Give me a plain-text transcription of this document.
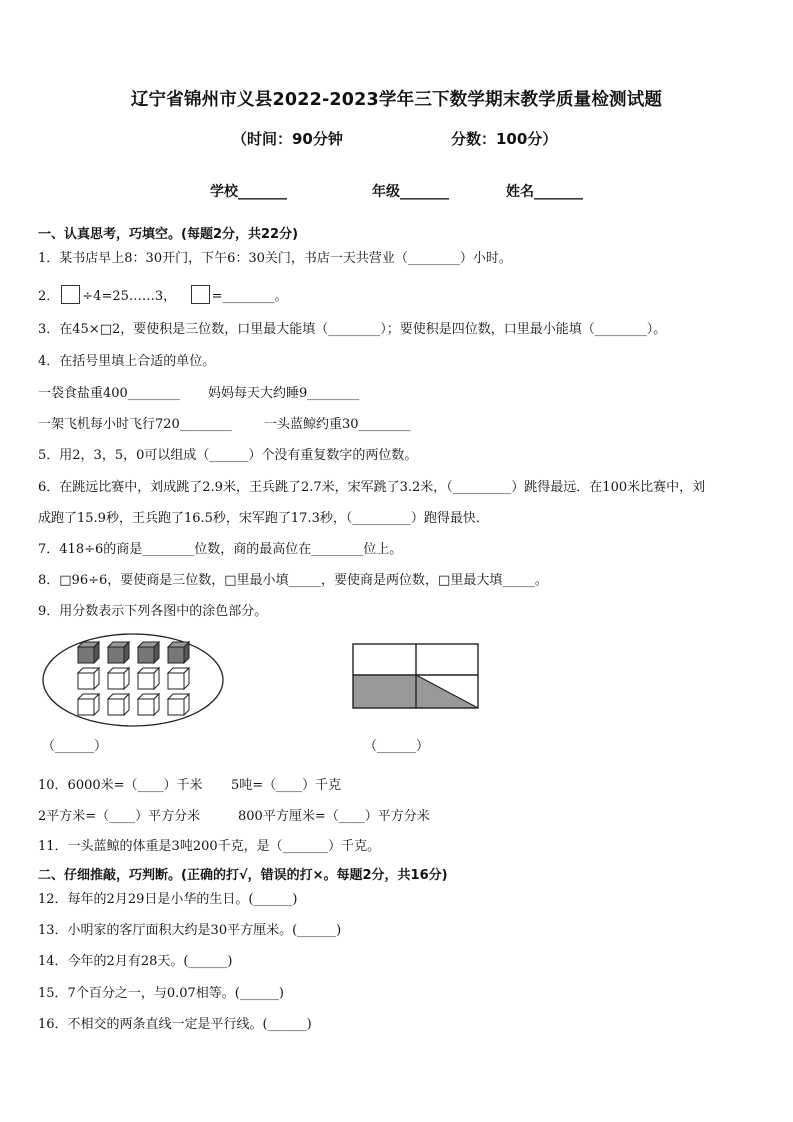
辽宁省锦州市义县2022-2023学年三下数学期末教学质量检测试题
（时间：90分钟	分数：100分）
学校_______	年级_______	姓名_______
一、认真思考，巧填空。(每题2分，共22分)
1．某书店早上8：30开门，下午6：30关门，书店一天共营业（________）小时。
2． ÷4=25……3，	=________。
3．在45×□2，要使积是三位数，口里最大能填（________）；要使积是四位数，口里最小能填（________）。
4．在括号里填上合适的单位。
一袋食盐重400________ 妈妈每天大约睡9________
一架飞机每小时飞行720________ 一头蓝鲸约重30________
5．用2，3，5，0可以组成（______）个没有重复数字的两位数。
6．在跳远比赛中，刘成跳了2.9米，王兵跳了2.7米，宋军跳了3.2米，（_________）跳得最远．在100米比赛中，刘
成跑了15.9秒，王兵跑了16.5秒，宋军跑了17.3秒，（_________）跑得最快．
7．418÷6的商是________位数，商的最高位在________位上。
8．□96÷6，要使商是三位数，□里最小填_____，要使商是两位数，□里最大填_____。
9．用分数表示下列各图中的涂色部分。
（______）	（______）
10．6000米=（____）千米 5吨=（____）千克
2平方米=（____）平方分米	800平方厘米=（____）平方分米
11．一头蓝鲸的体重是3吨200千克，是（_______）千克。
二、仔细推敲，巧判断。(正确的打√，错误的打×。每题2分，共16分)
12．每年的2月29日是小华的生日。(______)
13．小明家的客厅面积大约是30平方厘米。(______)
14．今年的2月有28天。(______)
15．7个百分之一，与0.07相等。(______)
16．不相交的两条直线一定是平行线。(______)
